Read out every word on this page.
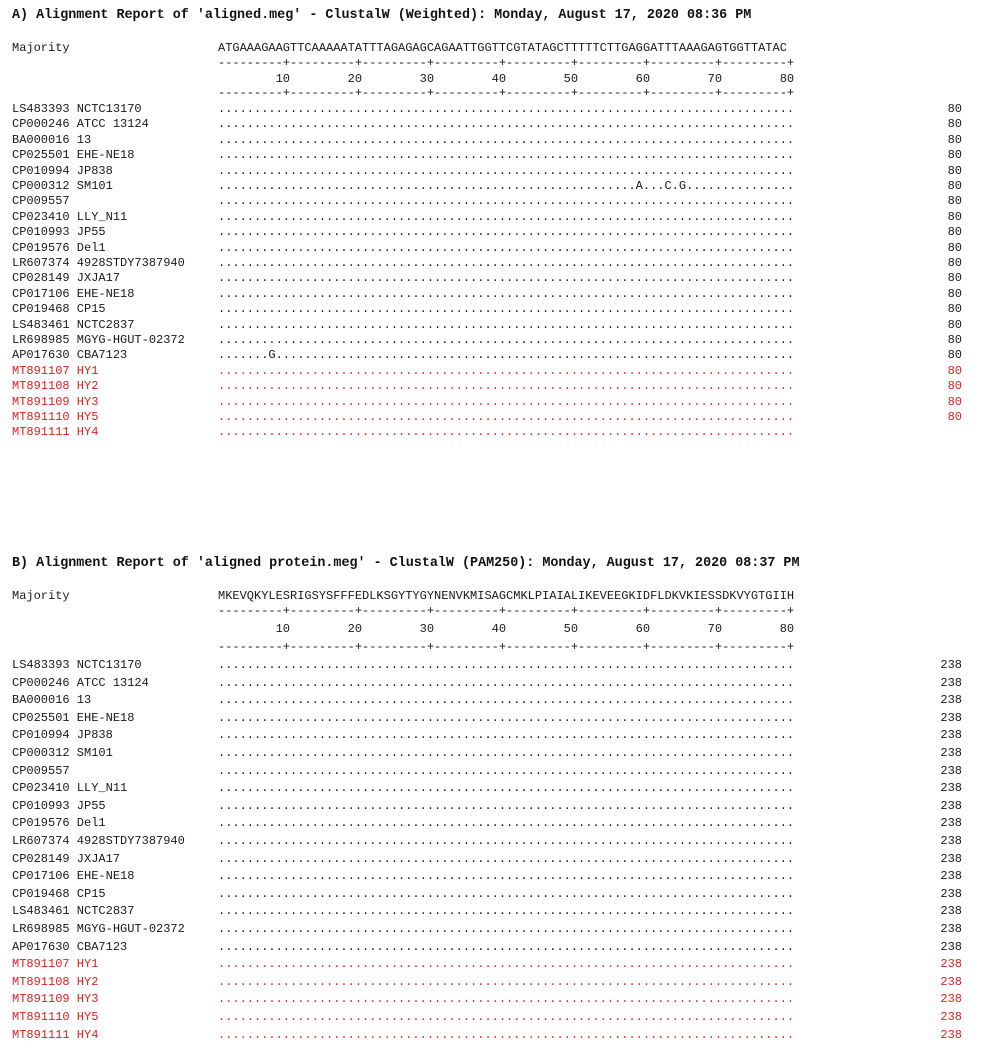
A) Alignment Report of 'aligned.meg' - ClustalW (Weighted): Monday, August 17, 2020 08:36 PM

Majority

	ATGAAAGAAGTTCAAAAATATTTAGAGAGCAGAATTGGTTCGTATAGCTTTTTCTTGAGGATTTAAAGAGTGGTTATAC

---------+---------+---------+---------+---------+---------+---------+---------+
10        20        30        40        50        60        70        80
---------+---------+---------+---------+---------+---------+---------+---------+
LS483393 NCTC13170	................................................................................	80
CP000246 ATCC 13124	................................................................................	80
BA000016 13	................................................................................	80
CP025501 EHE-NE18	................................................................................	80
CP010994 JP838	................................................................................	80
CP000312 SM101	..........................................................A...C.G...............	80
CP009557	................................................................................	80
CP023410 LLY_N11	................................................................................	80
CP010993 JP55	................................................................................	80
CP019576 Del1	................................................................................	80
LR607374 4928STDY7387940	................................................................................	80
CP028149 JXJA17	................................................................................	80
CP017106 EHE-NE18	................................................................................	80
CP019468 CP15	................................................................................	80
LS483461 NCTC2837	................................................................................	80
LR698985 MGYG-HGUT-02372	................................................................................	80
AP017630 CBA7123	.......G........................................................................	80
MT891107 HY1	................................................................................	80
MT891108 HY2	................................................................................	80
MT891109 HY3	................................................................................	80
MT891110 HY5	................................................................................	80
MT891111 HY4	................................................................................
B) Alignment Report of 'aligned protein.meg' - ClustalW (PAM250): Monday, August 17, 2020 08:37 PM

Majority

	MKEVQKYLESRIGSYSFFFEDLKSGYTYGYNENVKMISAGCMKLPIAIALIKEVEEGKIDFLDKVKIESSDKVYGTGIIH

---------+---------+---------+---------+---------+---------+---------+---------+
10        20        30        40        50        60        70        80
---------+---------+---------+---------+---------+---------+---------+---------+
LS483393 NCTC13170	................................................................................	238
CP000246 ATCC 13124	................................................................................	238
BA000016 13	................................................................................	238
CP025501 EHE-NE18	................................................................................	238
CP010994 JP838	................................................................................	238
CP000312 SM101	................................................................................	238
CP009557	................................................................................	238
CP023410 LLY_N11	................................................................................	238
CP010993 JP55	................................................................................	238
CP019576 Del1	................................................................................	238
LR607374 4928STDY7387940	................................................................................	238
CP028149 JXJA17	................................................................................	238
CP017106 EHE-NE18	................................................................................	238
CP019468 CP15	................................................................................	238
LS483461 NCTC2837	................................................................................	238
LR698985 MGYG-HGUT-02372	................................................................................	238
AP017630 CBA7123	................................................................................	238
MT891107 HY1	................................................................................	238
MT891108 HY2	................................................................................	238
MT891109 HY3	................................................................................	238
MT891110 HY5	................................................................................	238
MT891111 HY4	................................................................................	238
